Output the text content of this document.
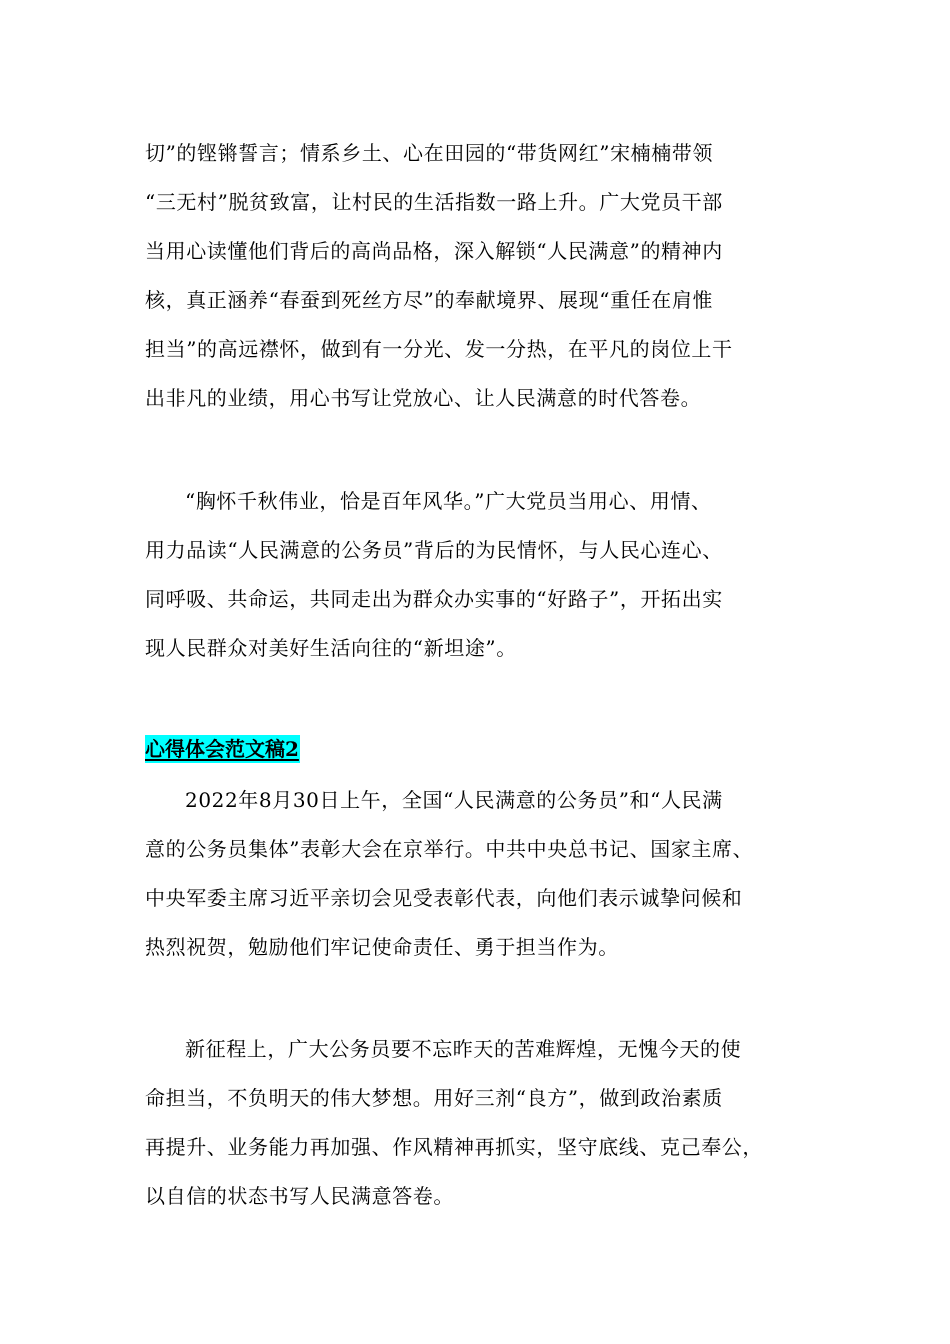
切”的铿锵誓言；情系乡土、心在田园的“带货网红”宋楠楠带领
“三无村”脱贫致富，让村民的生活指数一路上升。广大党员干部
当用心读懂他们背后的高尚品格，深入解锁“人民满意”的精神内
核，真正涵养“春蚕到死丝方尽”的奉献境界、展现“重任在肩惟
担当”的高远襟怀，做到有一分光、发一分热，在平凡的岗位上干
出非凡的业绩，用心书写让党放心、让人民满意的时代答卷。
“胸怀千秋伟业，恰是百年风华。”广大党员当用心、用情、
用力品读“人民满意的公务员”背后的为民情怀，与人民心连心、
同呼吸、共命运，共同走出为群众办实事的“好路子”，开拓出实
现人民群众对美好生活向往的“新坦途”。
心得体会范文稿2
2022年8月30日上午，全国“人民满意的公务员”和“人民满
意的公务员集体”表彰大会在京举行。中共中央总书记、国家主席、
中央军委主席习近平亲切会见受表彰代表，向他们表示诚挚问候和
热烈祝贺，勉励他们牢记使命责任、勇于担当作为。
新征程上，广大公务员要不忘昨天的苦难辉煌，无愧今天的使
命担当，不负明天的伟大梦想。用好三剂“良方”，做到政治素质
再提升、业务能力再加强、作风精神再抓实，坚守底线、克己奉公，
以自信的状态书写人民满意答卷。
